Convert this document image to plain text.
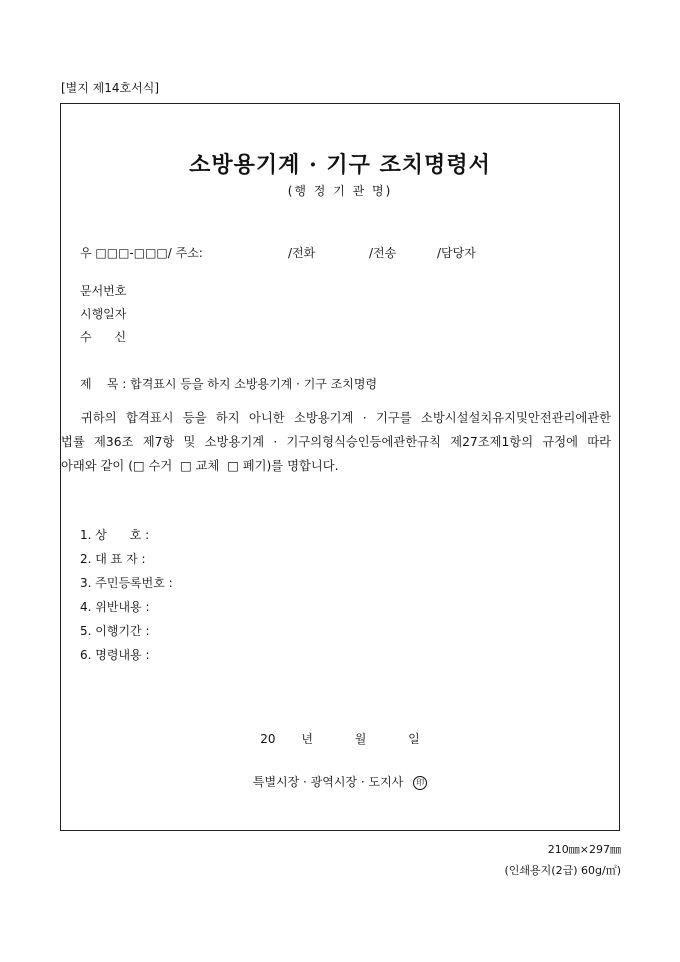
[별지 제14호서식]
소방용기계 · 기구 조치명령서
(행 정 기 관 명)
우 □□□-□□□/ 주소:	/전화	/전송	/담당자
문서번호
시행일자
수      신
제    목 : 합격표시 등을 하지 소방용기계 · 기구 조치명령
귀하의 합격표시 등을 하지 아니한 소방용기계 · 기구를 소방시설설치유지및안전관리에관한
법률 제36조 제7항 및 소방용기계 · 기구의형식승인등에관한규칙 제27조제1항의 규정에 따라
아래와 같이 (□ 수거  □ 교체  □ 폐기)를 명합니다.
1. 상      호 :
2. 대 표 자 :
3. 주민등록번호 :
4. 위반내용 :
5. 이행기간 :
6. 명령내용 :
20 년	월	일
특별시장 · 광역시장 · 도지사 印
210㎜×297㎜
(인쇄용지(2급) 60g/㎡)
